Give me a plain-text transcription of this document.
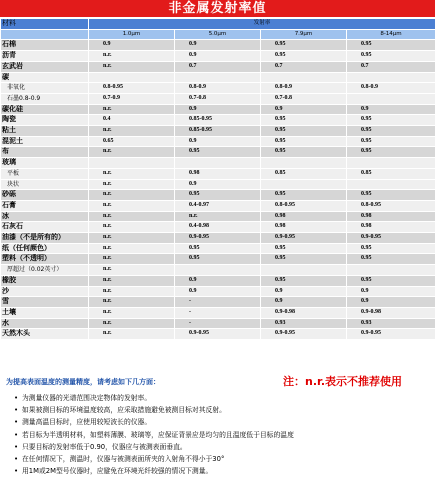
非金属发射率值
材料	发射率			
	1.0μm	5.0μm	7.9μm	8-14μm
石棉	0.9	0.9	0.95	0.95
沥青	n.r.	0.9	0.95	0.95
玄武岩	n.r.	0.7	0.7	0.7
碳				
非氧化	0.8-0.95	0.8-0.9	0.8-0.9	0.8-0.9
石墨0.8-0.9	0.7-0.9	0.7-0.8	0.7-0.8	
碳化硅	n.r.	0.9	0.9	0.9
陶瓷	0.4	0.85-0.95	0.95	0.95
粘土	n.r.	0.85-0.95	0.95	0.95
混泥土	0.65	0.9	0.95	0.95
布	n.r.	0.95	0.95	0.95
玻璃				
平板	n.r.	0.98	0.85	0.85
块状	n.r.	0.9		
砂砾	n.r.	0.95	0.95	0.95
石膏	n.r.	0.4-0.97	0.8-0.95	0.8-0.95
冰	n.r.	n.r.	0.98	0.98
石灰石	n.r.	0.4-0.98	0.98	0.98
油漆（不是所有的）	n.r.	0.9-0.95	0.9-0.95	0.9-0.95
纸（任何颜色）	n.r.	0.95	0.95	0.95
塑料（不透明）	n.r.	0.95	0.95	0.95
厚超过（0.02英寸）	n.r.			
橡胶	n.r.	0.9	0.95	0.95
沙	n.r.	0.9	0.9	0.9
雪	n.r.	-	0.9	0.9
土壤	n.r.	-	0.9-0.98	0.9-0.98
水	n.r.	-	0.93	0.93
天然木头	n.r.	0.9-0.95	0.9-0.95	0.9-0.95
注：n.r.表示不推荐使用
为提高表面温度的测量精度，请考虑如下几方面：
• 为测量仪器的光谱范围决定物体的发射率。
• 如果被测目标的环境温度较高，应采取措施避免被测目标对其反射。
• 测量高温目标时，应使用较短波长的仪器。
• 若目标为半透明材料，如塑料薄膜、玻璃等，应保证背景应是均匀的且温度低于目标的温度
• 只要目标的发射率低于0.90，仪器应与被测表面垂直。
• 在任何情况下，测温时，仪器与被测表面所夹的入射角不得小于30°
• 用1M或2M型号仪器时，应避免在环境光纤较强的情况下测量。
